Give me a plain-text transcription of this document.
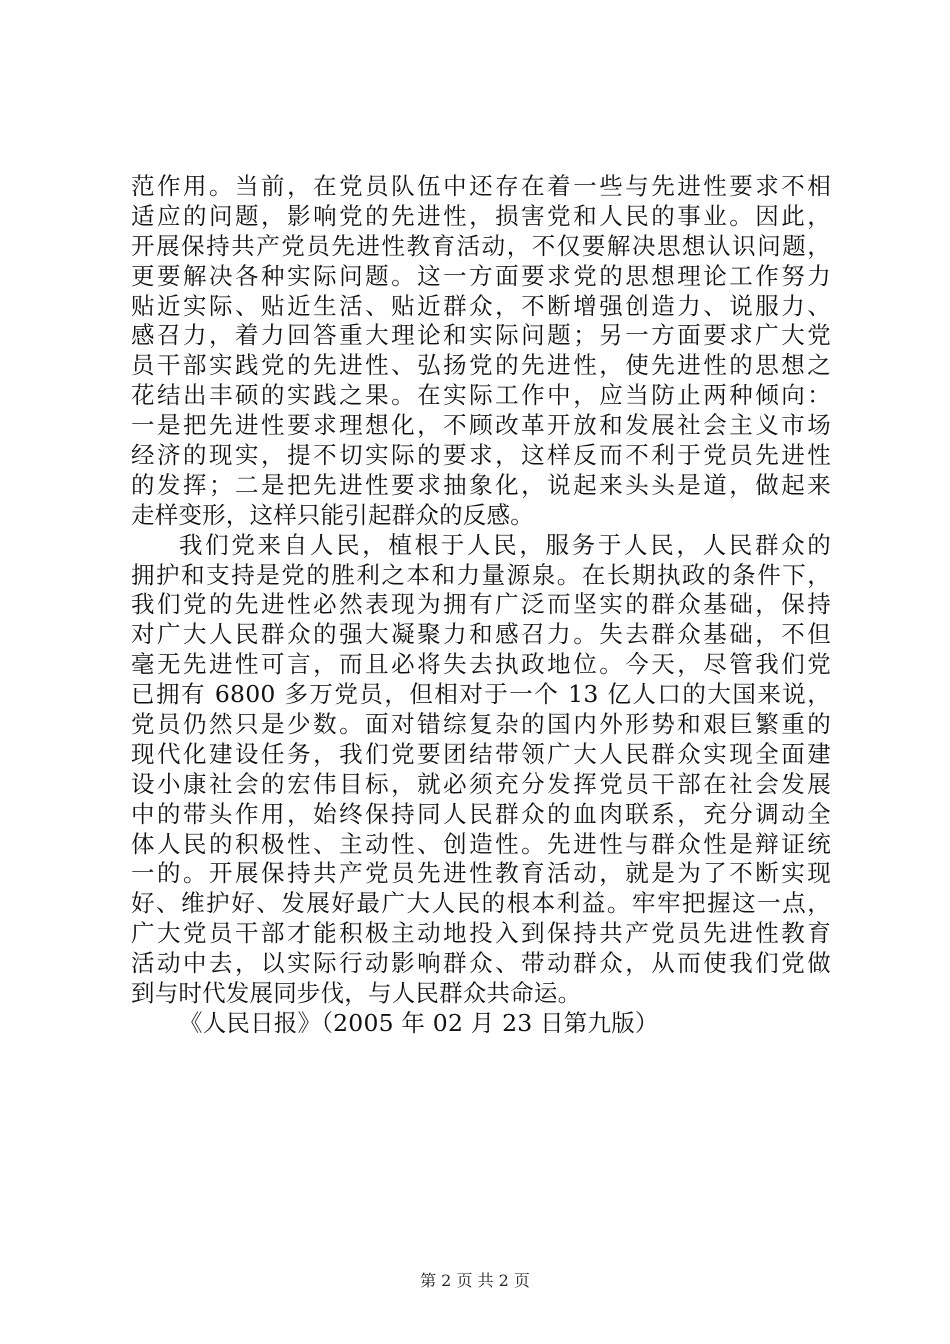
范作用。当前，在党员队伍中还存在着一些与先进性要求不相
适应的问题，影响党的先进性，损害党和人民的事业。因此，
开展保持共产党员先进性教育活动，不仅要解决思想认识问题，
更要解决各种实际问题。这一方面要求党的思想理论工作努力
贴近实际、贴近生活、贴近群众，不断增强创造力、说服力、
感召力，着力回答重大理论和实际问题；另一方面要求广大党
员干部实践党的先进性、弘扬党的先进性，使先进性的思想之
花结出丰硕的实践之果。在实际工作中，应当防止两种倾向：
一是把先进性要求理想化，不顾改革开放和发展社会主义市场
经济的现实，提不切实际的要求，这样反而不利于党员先进性
的发挥；二是把先进性要求抽象化，说起来头头是道，做起来
走样变形，这样只能引起群众的反感。
我们党来自人民，植根于人民，服务于人民，人民群众的
拥护和支持是党的胜利之本和力量源泉。在长期执政的条件下，
我们党的先进性必然表现为拥有广泛而坚实的群众基础，保持
对广大人民群众的强大凝聚力和感召力。失去群众基础，不但
毫无先进性可言，而且必将失去执政地位。今天，尽管我们党
已拥有 6800 多万党员，但相对于一个 13 亿人口的大国来说，
党员仍然只是少数。面对错综复杂的国内外形势和艰巨繁重的
现代化建设任务，我们党要团结带领广大人民群众实现全面建
设小康社会的宏伟目标，就必须充分发挥党员干部在社会发展
中的带头作用，始终保持同人民群众的血肉联系，充分调动全
体人民的积极性、主动性、创造性。先进性与群众性是辩证统
一的。开展保持共产党员先进性教育活动，就是为了不断实现
好、维护好、发展好最广大人民的根本利益。牢牢把握这一点，
广大党员干部才能积极主动地投入到保持共产党员先进性教育
活动中去，以实际行动影响群众、带动群众，从而使我们党做
到与时代发展同步伐，与人民群众共命运。
《人民日报》（2005 年 02 月 23 日第九版）
第 2 页 共 2 页
